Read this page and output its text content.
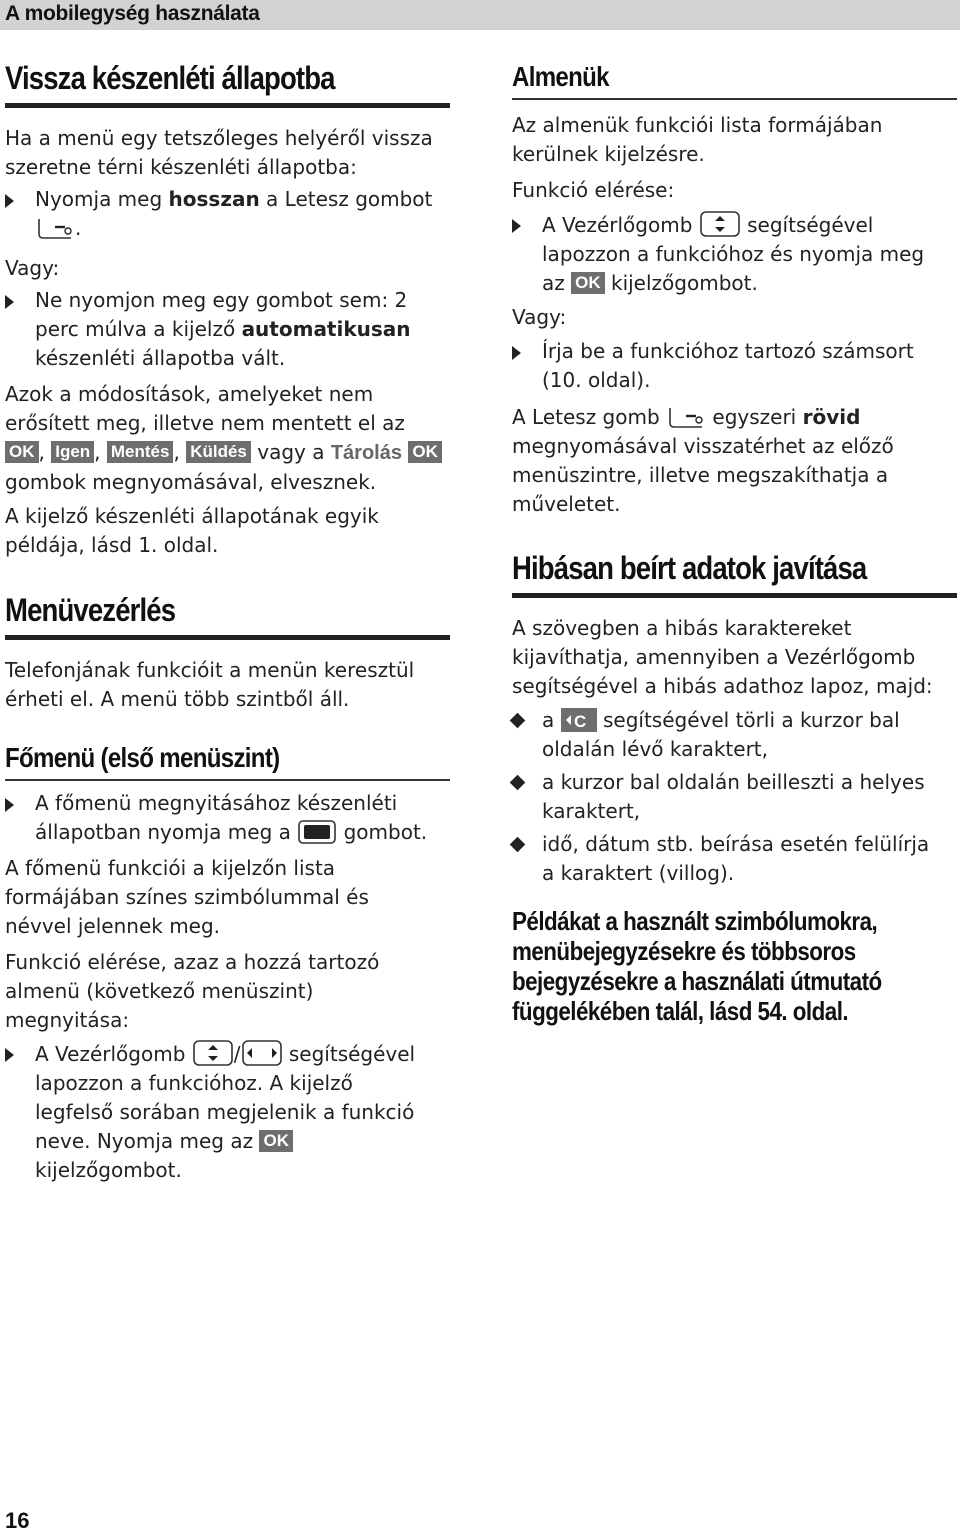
A mobilegység használata
Vissza készenléti állapotba
Ha a menü egy tetszőleges helyéről vissza
szeretne térni készenléti állapotba:
Nyomja meg hosszan a Letesz gombot
.
Vagy:
Ne nyomjon meg egy gombot sem: 2
perc múlva a kijelző automatikusan
készenléti állapotba vált.
Azok a módosítások, amelyeket nem
erősített meg, illetve nem mentett el az
OK , Igen , Mentés , Küldés vagy a Tárolás OK
gombok megnyomásával, elvesznek.
A kijelző készenléti állapotának egyik
példája, lásd 1. oldal.
Menüvezérlés
Telefonjának funkcióit a menün keresztül
érheti el. A menü több szintből áll.
Főmenü (első menüszint)
A főmenü megnyitásához készenléti
állapotban nyomja meg a  gombot.
A főmenü funkciói a kijelzőn lista
formájában színes szimbólummal és
névvel jelennek meg.
Funkció elérése, azaz a hozzá tartozó
almenü (következő menüszint)
megnyitása:
A Vezérlőgomb / segítségével
lapozzon a funkcióhoz. A kijelző
legfelső sorában megjelenik a funkció
neve. Nyomja meg az OK
kijelzőgombot.
Almenük
Az almenük funkciói lista formájában
kerülnek kijelzésre.
Funkció elérése:
A Vezérlőgomb  segítségével
lapozzon a funkcióhoz és nyomja meg
az OK kijelzőgombot.
Vagy:
Írja be a funkcióhoz tartozó számsort
(10. oldal).
A Letesz gomb  egyszeri rövid
megnyomásával visszatérhet az előző
menüszintre, illetve megszakíthatja a
műveletet.
Hibásan beírt adatok javítása
A szövegben a hibás karaktereket
kijavíthatja, amennyiben a Vezérlőgomb
segítségével a hibás adathoz lapoz, majd:
a C segítségével törli a kurzor bal
oldalán lévő karaktert,
a kurzor bal oldalán beilleszti a helyes
karaktert,
idő, dátum stb. beírása esetén felülírja
a karaktert (villog).
Példákat a használt szimbólumokra,
menübejegyzésekre és többsoros
bejegyzésekre a használati útmutató
függelékében talál, lásd 54. oldal.
16
